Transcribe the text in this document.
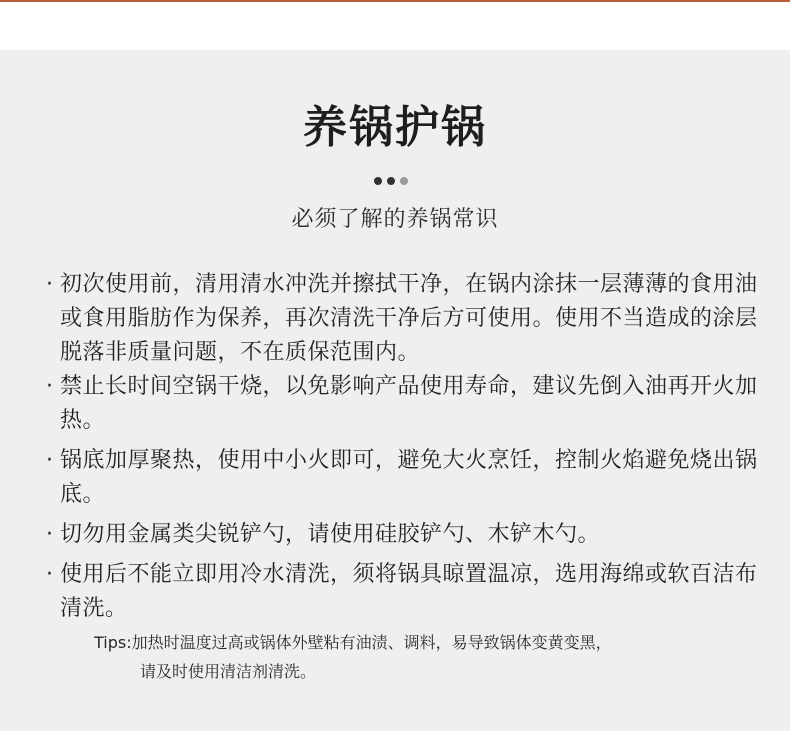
养锅护锅
必须了解的养锅常识
· 初次使用前，清用清水冲洗并擦拭干净，在锅内涂抹一层薄薄的食用油或食用脂肪作为保养，再次清洗干净后方可使用。使用不当造成的涂层脱落非质量问题，不在质保范围内。
· 禁止长时间空锅干烧，以免影响产品使用寿命，建议先倒入油再开火加热。
· 锅底加厚聚热，使用中小火即可，避免大火烹饪，控制火焰避免烧出锅底。
· 切勿用金属类尖锐铲勺，请使用硅胶铲勺、木铲木勺。
· 使用后不能立即用冷水清洗，须将锅具晾置温凉，选用海绵或软百洁布清洗。
Tips:加热时温度过高或锅体外壁粘有油渍、调料，易导致锅体变黄变黑，
请及时使用清洁剂清洗。
